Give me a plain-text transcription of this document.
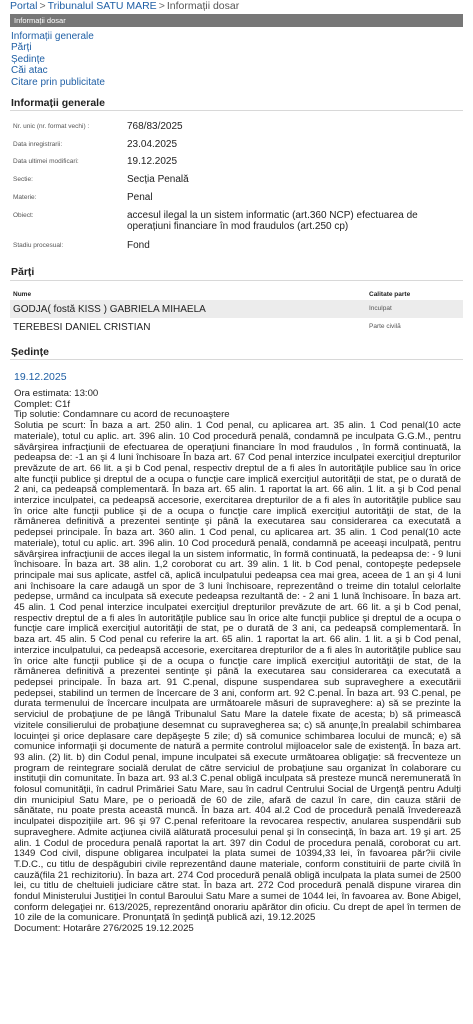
Portal > Tribunalul SATU MARE > Informații dosar
Informații dosar
Informații generale
Părți
Ședințe
Căi atac
Citare prin publicitate
Informații generale
Nr. unic (nr. format vechi) :	768/83/2025
Data inregistrarii:	23.04.2025
Data ultimei modificari:	19.12.2025
Sectie:	Secția Penală
Materie:	Penal
Obiect:	accesul ilegal la un sistem informatic (art.360 NCP) efectuarea de operațiuni financiare în mod fraudulos (art.250 cp)
Stadiu procesual:	Fond
Părți
Nume	Calitate parte
GODJA( fostă KISS ) GABRIELA MIHAELA	Inculpat
TEREBESI DANIEL CRISTIAN	Parte civilă
Ședințe
19.12.2025

Ora estimata: 13:00

Complet: C1f

Tip solutie: Condamnare cu acord de recunoaştere

Solutia pe scurt: În baza a art. 250 alin. 1 Cod penal, cu aplicarea art. 35 alin. 1 Cod penal(10 acte materiale), totul cu aplic. art. 396 alin. 10 Cod procedură penală, condamnă pe inculpata G.G.M., pentru săvârşirea infracţiunii de efectuarea de operaţiuni financiare în mod fraudulos , în formă continuată, la pedeapsa de: -1 an şi 4 luni închisoare În baza art. 67 Cod penal interzice inculpatei exerciţiul drepturilor prevăzute de art. 66 lit. a şi b Cod penal, respectiv dreptul de a fi ales în autorităţile publice sau în orice alte funcţii publice şi dreptul de a ocupa o funcţie care implică exerciţiul autorităţii de stat, pe o durată de 2 ani, ca pedeapsă complementară. În baza art. 65 alin. 1 raportat la art. 66 alin. 1 lit. a şi b Cod penal interzice inculpatei, ca pedeapsă accesorie, exercitarea drepturilor de a fi ales în autorităţile publice sau în orice alte funcţii publice şi de a ocupa o funcţie care implică exerciţiul autorităţii de stat, de la rămânerea definitivă a prezentei sentinţe şi până la executarea sau considerarea ca executată a pedepsei principale. În baza art. 360 alin. 1 Cod penal, cu aplicarea art. 35 alin. 1 Cod penal(10 acte materiale), totul cu aplic. art. 396 alin. 10 Cod procedură penală, condamnă pe aceeaşi inculpată, pentru săvârşirea infracţiunii de acces ilegal la un sistem informatic, în formă continuată, la pedeapsa de: - 9 luni închisoare. În baza art. 38 alin. 1,2 coroborat cu art. 39 alin. 1 lit. b Cod penal, contopeşte pedepsele principale mai sus aplicate, astfel că, aplică inculpatului pedeapsa cea mai grea, aceea de 1 an şi 4 luni ani închisoare la care adaugă un spor de 3 luni închisoare, reprezentând o treime din totalul celorlalte pedepse, urmând ca inculpata să execute pedeapsa rezultantă de: - 2 ani 1 lună închisoare. În baza art. 45 alin. 1 Cod penal interzice inculpatei exerciţiul drepturilor prevăzute de art. 66 lit. a şi b Cod penal, respectiv dreptul de a fi ales în autorităţile publice sau în orice alte funcţii publice şi dreptul de a ocupa o funcţie care implică exerciţiul autorităţii de stat, pe o durată de 3 ani, ca pedeapsă complementară. În baza art. 45 alin. 5 Cod penal cu referire la art. 65 alin. 1 raportat la art. 66 alin. 1 lit. a şi b Cod penal, interzice inculpatului, ca pedeapsă accesorie, exercitarea drepturilor de a fi ales în autorităţile publice sau în orice alte funcţii publice şi de a ocupa o funcţie care implică exerciţiul autorităţii de stat, de la rămânerea definitivă a prezentei sentinţe şi până la executarea sau considerarea ca executată a pedepsei principale. În baza art. 91 C.penal, dispune suspendarea sub supraveghere a executării pedepsei, stabilind un termen de încercare de 3 ani, conform art. 92 C.penal. În baza art. 93 C.penal, pe durata termenului de încercare inculpata are următoarele măsuri de supraveghere: a) să se prezinte la serviciul de probaţiune de pe lângă Tribunalul Satu Mare la datele fixate de acesta; b) să primească vizitele consilierului de probaţiune desemnat cu supravegherea sa; c) să anunţe,în prealabil schimbarea locuinţei şi orice deplasare care depăşeşte 5 zile; d) să comunice schimbarea locului de muncă; e) să comunice informaţii şi documente de natură a permite controlul mijloacelor sale de existenţă. În baza art. 93 alin. (2) lit. b) din Codul penal, impune inculpatei să execute următoarea obligaţie: să frecventeze un program de reintegrare socială derulat de către serviciul de probaţiune sau organizat în colaborare cu instituţii din comunitate. În baza art. 93 al.3 C.penal obligă inculpata să presteze muncă neremunerată în folosul comunităţii, în cadrul Primăriei Satu Mare, sau în cadrul Centrului Social de Urgenţă pentru Adulţi din municipiul Satu Mare, pe o perioadă de 60 de zile, afară de cazul în care, din cauza stării de sănătate, nu poate presta această muncă. În baza art. 404 al.2 Cod de procedură penală învederează inculpatei dispoziţiile art. 96 şi 97 C.penal referitoare la revocarea respectiv, anularea suspendării sub supraveghere. Admite acţiunea civilă alăturată procesului penal şi în consecinţă, în baza art. 19 şi art. 25 alin. 1 Codul de procedura penală raportat la art. 397 din Codul de procedura penală, coroborat cu art. 1349 Cod civil, dispune obligarea inculpatei la plata sumei de 10394,33 lei, în favoarea păr?ii civile T.D.C., cu titlu de despăgubiri civile reprezentând daune materiale, conform constituirii de parte civilă în cauză(fila 21 rechizitoriu). În baza art. 274 Cod procedură penală obligă inculpata la plata sumei de 2500 lei, cu titlu de cheltuieli judiciare către stat. În baza art. 272 Cod procedură penală dispune virarea din fondul Ministerului Justiţiei în contul Baroului Satu Mare a sumei de 1044 lei, în favoarea av. Bone Abigel, conform delegaţiei nr. 613/2025, reprezentând onorariu apărător din oficiu. Cu drept de apel în termen de 10 zile de la comunicare. Pronunţată în şedinţă publică azi, 19.12.2025

Document: Hotarâre 276/2025 19.12.2025
